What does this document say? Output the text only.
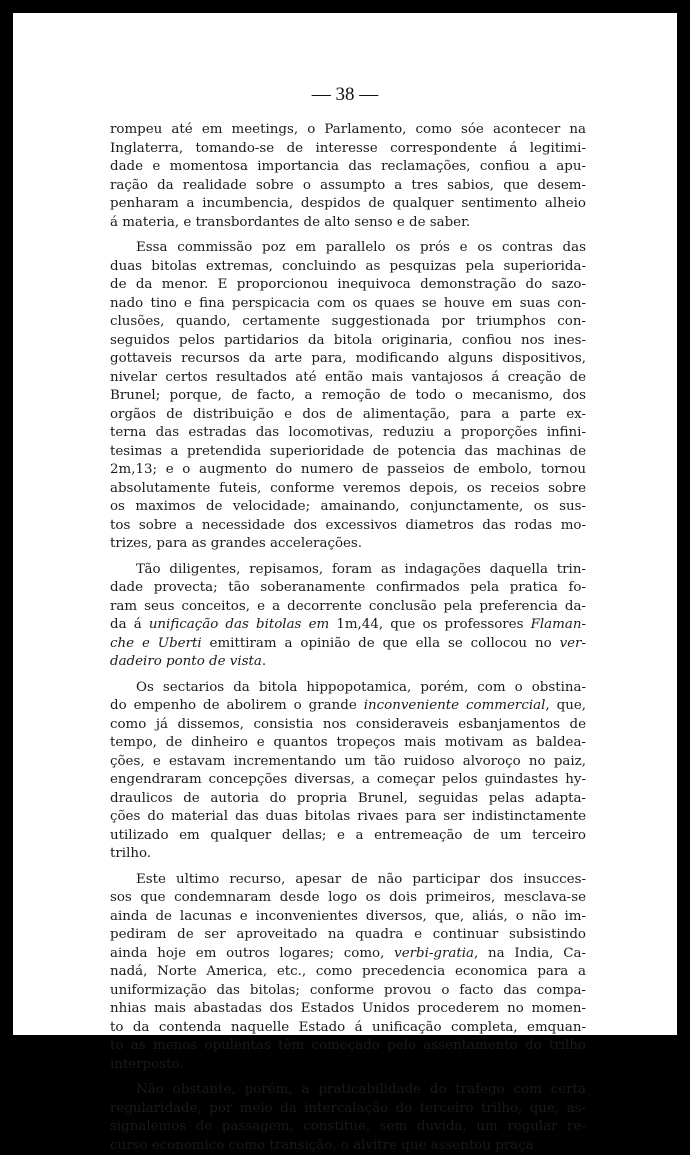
— 38 —
rompeu até em meetings, o Parlamento, como sóe acontecer na
Inglaterra, tomando-se de interesse correspondente á legitimi-
dade e momentosa importancia das reclamações, confiou a apu-
ração da realidade sobre o assumpto a tres sabios, que desem-
penharam a incumbencia, despidos de qualquer sentimento alheio
á materia, e transbordantes de alto senso e de saber.
Essa commissão poz em parallelo os prós e os contras das
duas bitolas extremas, concluindo as pesquizas pela superiorida-
de da menor. E proporcionou inequivoca demonstração do sazo-
nado tino e fina perspicacia com os quaes se houve em suas con-
clusões, quando, certamente suggestionada por triumphos con-
seguidos pelos partidarios da bitola originaria, confiou nos ines-
gottaveis recursos da arte para, modificando alguns dispositivos,
nivelar certos resultados até então mais vantajosos á creação de
Brunel; porque, de facto, a remoção de todo o mecanismo, dos
orgãos de distribuição e dos de alimentação, para a parte ex-
terna das estradas das locomotivas, reduziu a proporções infini-
tesimas a pretendida superioridade de potencia das machinas de
2m,13; e o augmento do numero de passeios de embolo, tornou
absolutamente futeis, conforme veremos depois, os receios sobre
os maximos de velocidade; amainando, conjunctamente, os sus-
tos sobre a necessidade dos excessivos diametros das rodas mo-
trizes, para as grandes accelerações.
Tão diligentes, repisamos, foram as indagações daquella trin-
dade provecta; tão soberanamente confirmados pela pratica fo-
ram seus conceitos, e a decorrente conclusão pela preferencia da-
da á unificação das bitolas em 1m,44, que os professores Flaman-
che e Uberti emittiram a opinião de que ella se collocou no ver-
dadeiro ponto de vista.
Os sectarios da bitola hippopotamica, porém, com o obstina-
do empenho de abolirem o grande inconveniente commercial, que,
como já dissemos, consistia nos consideraveis esbanjamentos de
tempo, de dinheiro e quantos tropeços mais motivam as baldea-
ções, e estavam incrementando um tão ruidoso alvoroço no paiz,
engendraram concepções diversas, a começar pelos guindastes hy-
draulicos de autoria do propria Brunel, seguidas pelas adapta-
ções do material das duas bitolas rivaes para ser indistinctamente
utilizado em qualquer dellas; e a entremeação de um terceiro
trilho.
Este ultimo recurso, apesar de não participar dos insucces-
sos que condemnaram desde logo os dois primeiros, mesclava-se
ainda de lacunas e inconvenientes diversos, que, aliás, o não im-
pediram de ser aproveitado na quadra e continuar subsistindo
ainda hoje em outros logares; como, verbi-gratia, na India, Ca-
nadá, Norte America, etc., como precedencia economica para a
uniformização das bitolas; conforme provou o facto das compa-
nhias mais abastadas dos Estados Unidos procederem no momen-
to da contenda naquelle Estado á unificação completa, emquan-
to as menos opulentas têm começado pelo assentamento do trilho
interposto.
Não obstante, porém, a praticabilidade do trafego com certa
regularidade, por meio da intercalação do terceiro trilho, que, as-
signalemos de passagem, constitue, sem duvida, um regular re-
curso economico como transição, o alvitre que assentou praça
